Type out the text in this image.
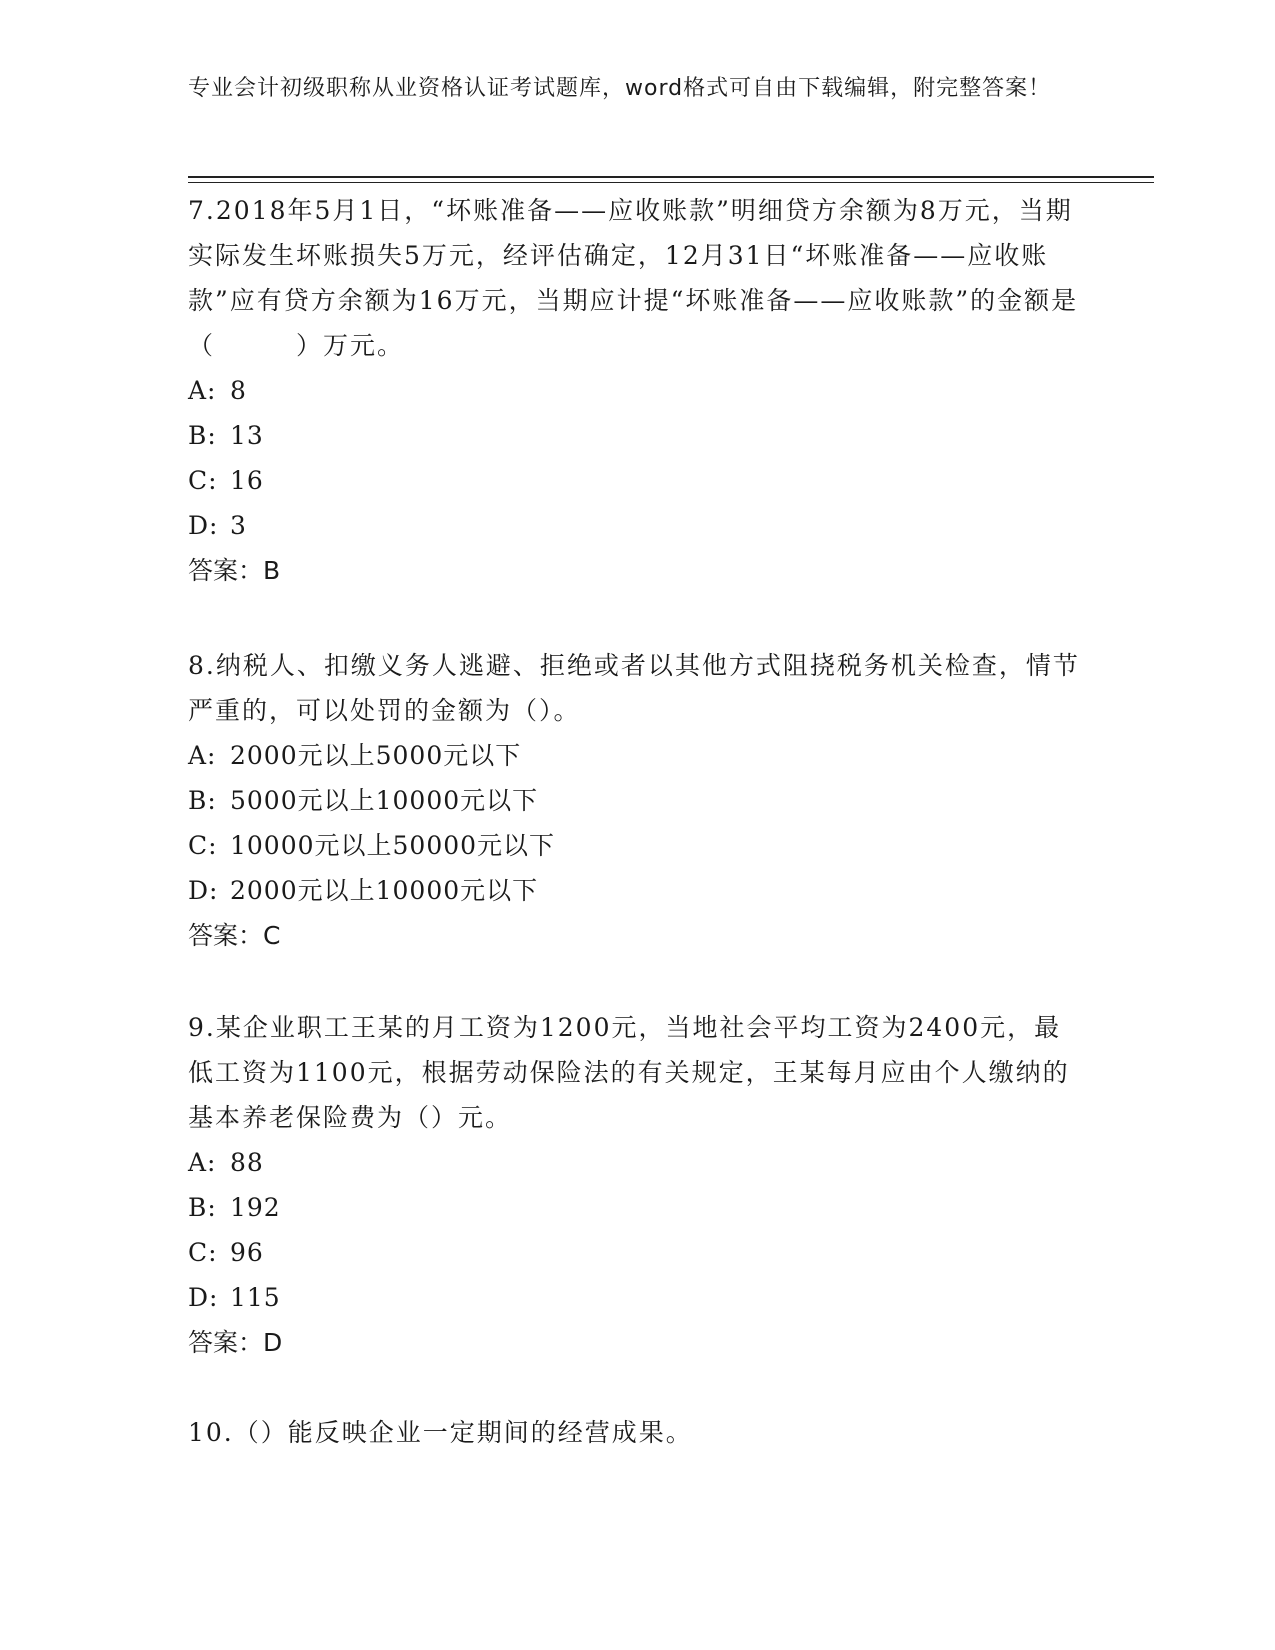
专业会计初级职称从业资格认证考试题库，word格式可自由下载编辑，附完整答案！

7.2018年5月1日，“坏账准备——应收账款”明细贷方余额为8万元，当期实际发生坏账损失5万元，经评估确定，12月31日“坏账准备——应收账款”应有贷方余额为16万元，当期应计提“坏账准备——应收账款”的金额是（　　　）万元。

A: 8

B: 13

C: 16

D: 3

答案：B

8.纳税人、扣缴义务人逃避、拒绝或者以其他方式阻挠税务机关检查，情节严重的，可以处罚的金额为（）。

A: 2000元以上5000元以下

B: 5000元以上10000元以下

C: 10000元以上50000元以下

D: 2000元以上10000元以下

答案：C

9.某企业职工王某的月工资为1200元，当地社会平均工资为2400元，最低工资为1100元，根据劳动保险法的有关规定，王某每月应由个人缴纳的基本养老保险费为（）元。

A: 88

B: 192

C: 96

D: 115

答案：D

10.（）能反映企业一定期间的经营成果。
